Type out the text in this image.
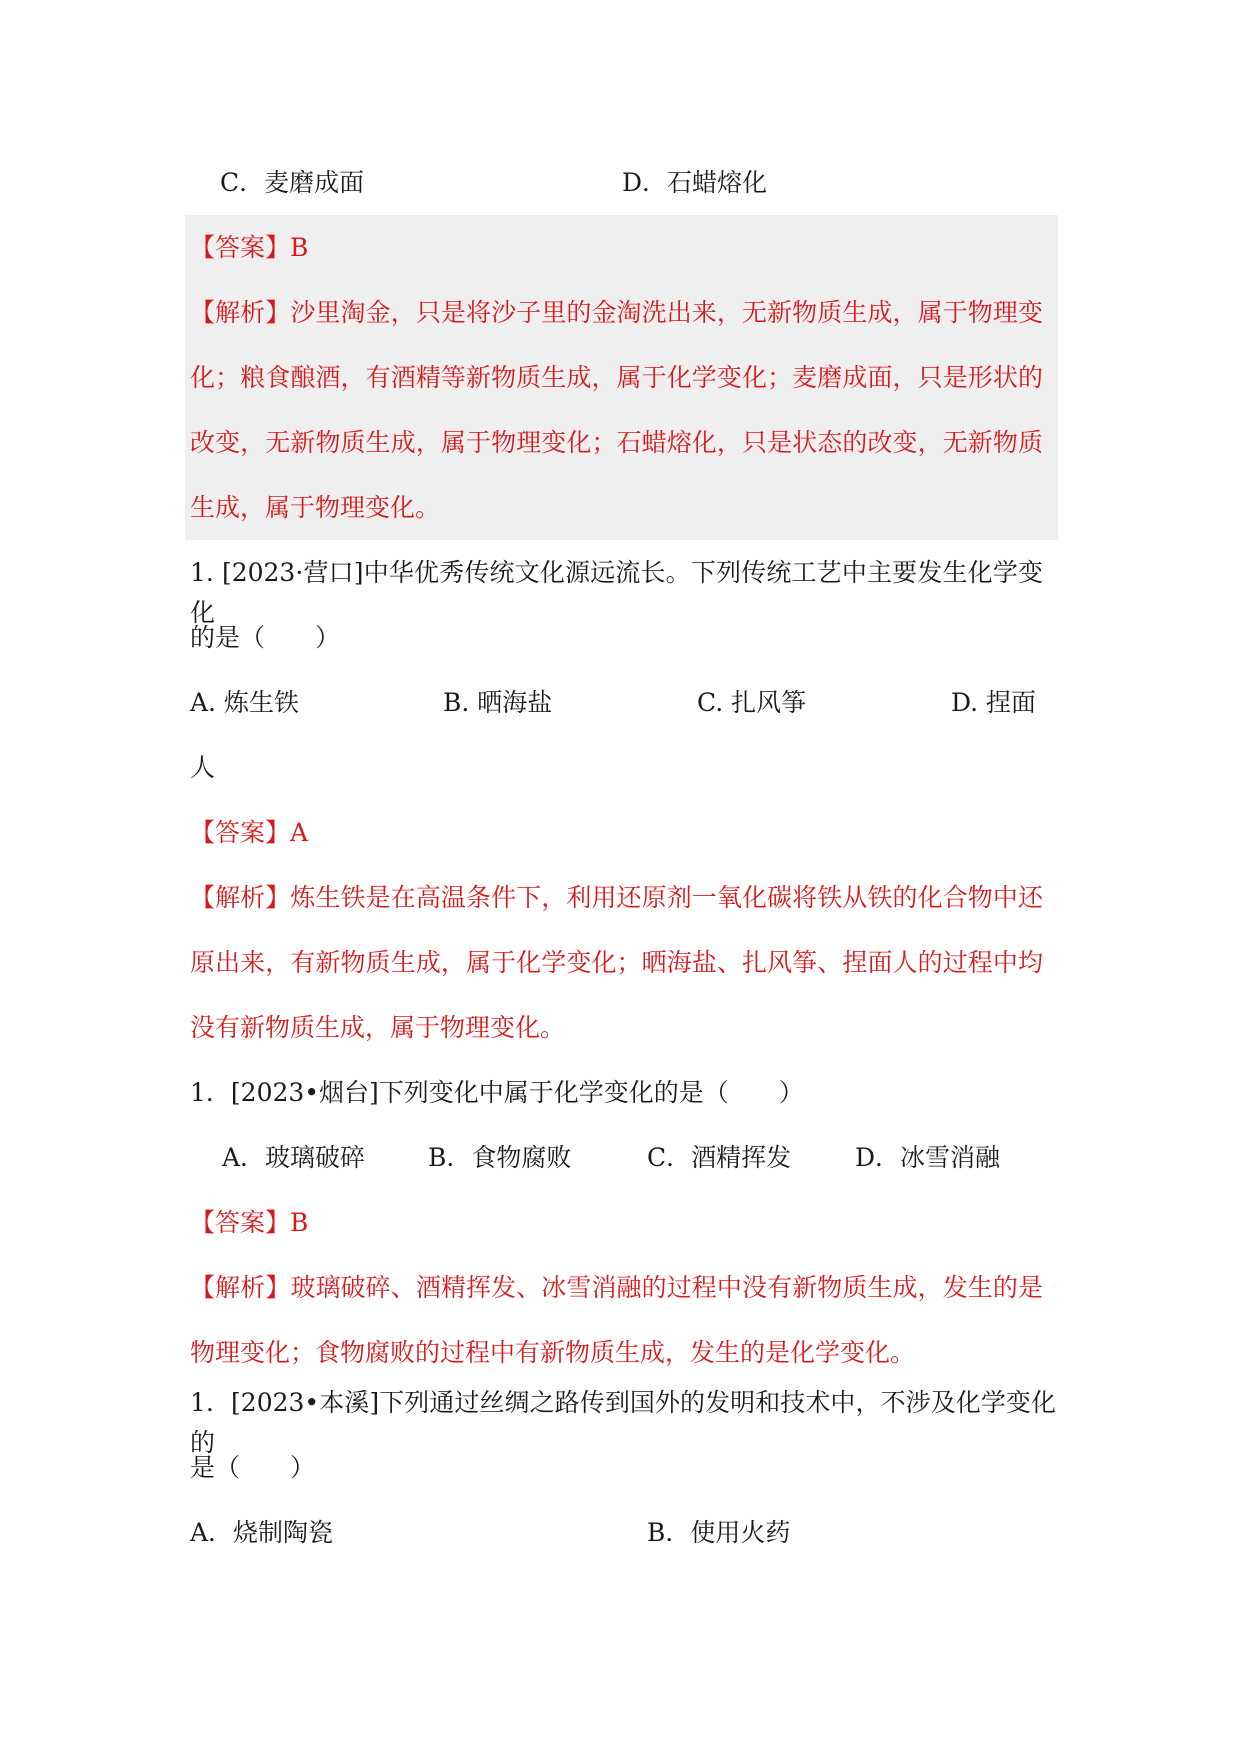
C．麦磨成面	D．石蜡熔化
【答案】B
【解析】沙里淘金，只是将沙子里的金淘洗出来，无新物质生成，属于物理变
化；粮食酿酒，有酒精等新物质生成，属于化学变化；麦磨成面，只是形状的
改变，无新物质生成，属于物理变化；石蜡熔化，只是状态的改变，无新物质
生成，属于物理变化。
1. [2023·营口]中华优秀传统文化源远流长。下列传统工艺中主要发生化学变化
的是（　　）
A. 炼生铁	B. 晒海盐	C. 扎风筝	D. 捏面
人
【答案】A
【解析】炼生铁是在高温条件下，利用还原剂一氧化碳将铁从铁的化合物中还
原出来，有新物质生成，属于化学变化；晒海盐、扎风筝、捏面人的过程中均
没有新物质生成，属于物理变化。
1．[2023•烟台]下列变化中属于化学变化的是（　　）
A．玻璃破碎	B．食物腐败	C．酒精挥发	D．冰雪消融
【答案】B
【解析】玻璃破碎、酒精挥发、冰雪消融的过程中没有新物质生成，发生的是
物理变化；食物腐败的过程中有新物质生成，发生的是化学变化。
1．[2023•本溪]下列通过丝绸之路传到国外的发明和技术中，不涉及化学变化的
是（　　）
A．烧制陶瓷	B．使用火药
